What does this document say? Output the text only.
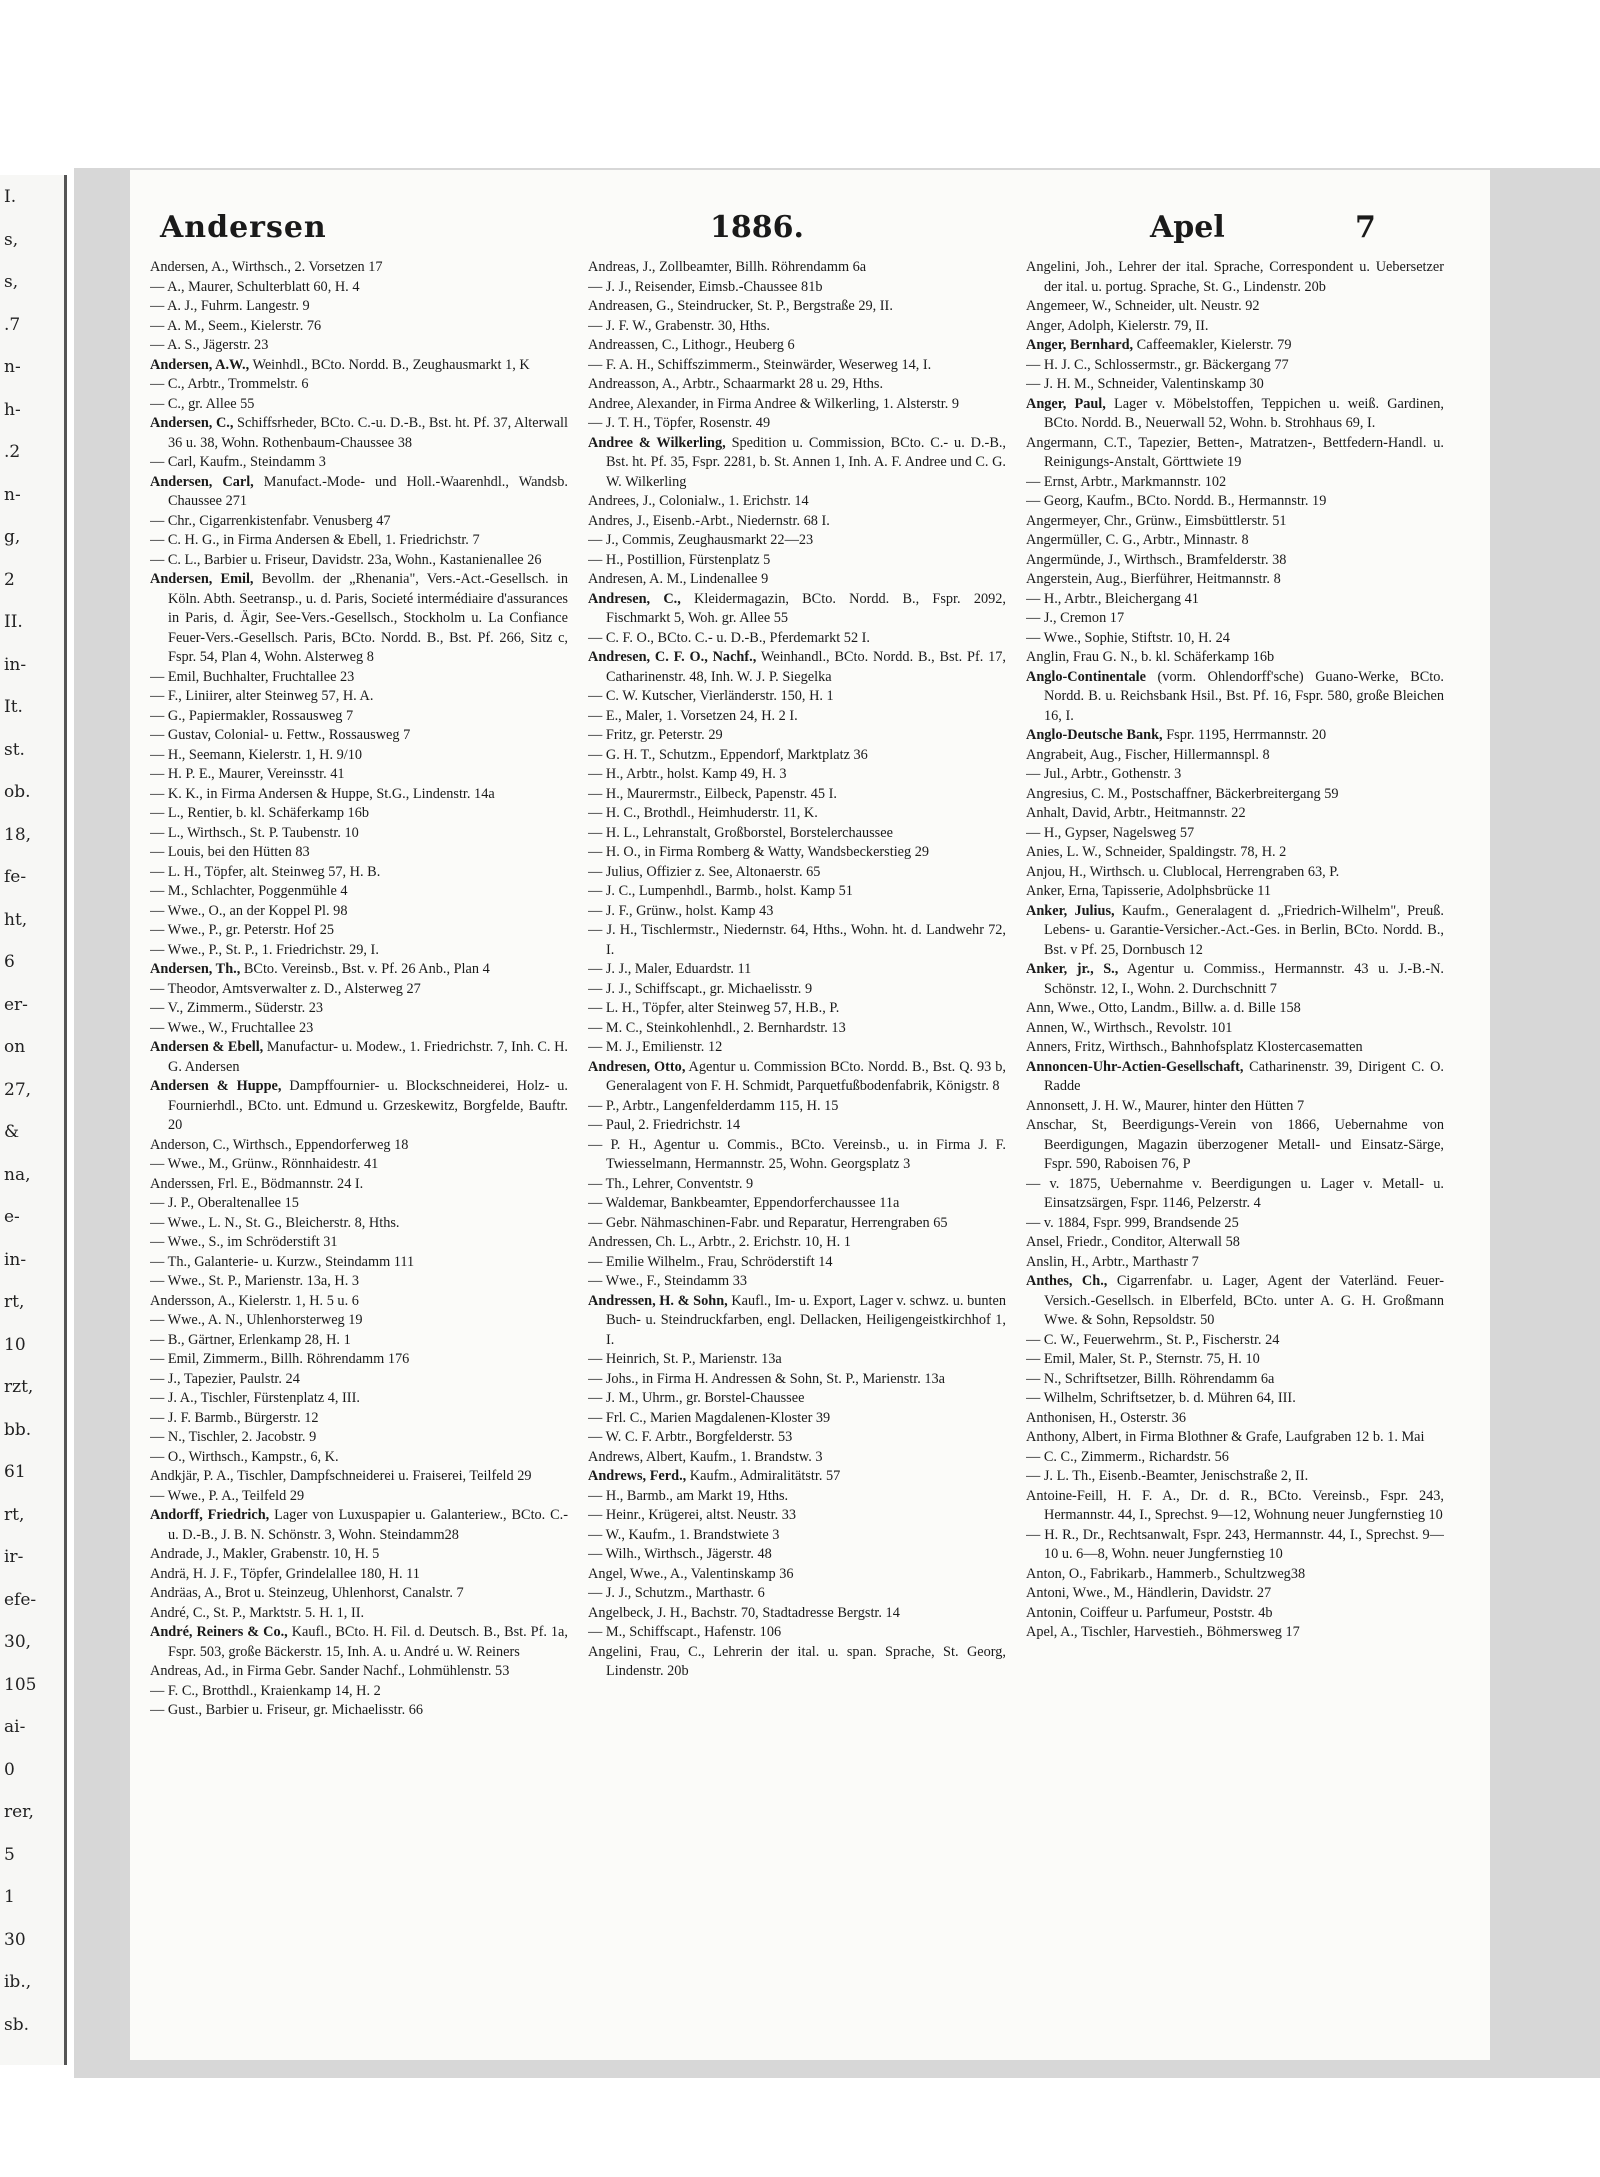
I.
s,
s,
.7
n-
h-
.2
n-
g,
2
II.
in-
It.
st.
ob.
18,
fe-
ht,
6
er-
on
27,
&
na,
e-
in-
rt,
10
rzt,
bb.
61
rt,
ir-
efe-
30,
105
ai-
0
rer,
5
1
30
ib.,
sb.
Andersen	1886.	Apel	7

Andersen, A., Wirthsch., 2. Vorsetzen 17

— A., Maurer, Schulterblatt 60, H. 4

— A. J., Fuhrm. Langestr. 9

— A. M., Seem., Kielerstr. 76

— A. S., Jägerstr. 23

Andersen, A.W., Weinhdl., BCto. Nordd. B., Zeughausmarkt 1, K

— C., Arbtr., Trommelstr. 6

— C., gr. Allee 55

Andersen, C., Schiffsrheder, BCto. C.-u. D.-B., Bst. ht. Pf. 37, Alterwall 36 u. 38, Wohn. Rothenbaum-Chaussee 38

— Carl, Kaufm., Steindamm 3

Andersen, Carl, Manufact.-Mode- und Holl.-Waarenhdl., Wandsb. Chaussee 271

— Chr., Cigarrenkistenfabr. Venusberg 47

— C. H. G., in Firma Andersen & Ebell, 1. Friedrichstr. 7

— C. L., Barbier u. Friseur, Davidstr. 23a, Wohn., Kastanienallee 26

Andersen, Emil, Bevollm. der „Rhenania", Vers.-Act.-Gesellsch. in Köln. Abth. Seetransp., u. d. Paris, Societé intermédiaire d'assurances in Paris, d. Ägir, See-Vers.-Gesellsch., Stockholm u. La Confiance Feuer-Vers.-Gesellsch. Paris, BCto. Nordd. B., Bst. Pf. 266, Sitz c, Fspr. 54, Plan 4, Wohn. Alsterweg 8

— Emil, Buchhalter, Fruchtallee 23

— F., Liniirer, alter Steinweg 57, H. A.

— G., Papiermakler, Rossausweg 7

— Gustav, Colonial- u. Fettw., Rossausweg 7

— H., Seemann, Kielerstr. 1, H. 9/10

— H. P. E., Maurer, Vereinsstr. 41

— K. K., in Firma Andersen & Huppe, St.G., Lindenstr. 14a

— L., Rentier, b. kl. Schäferkamp 16b

— L., Wirthsch., St. P. Taubenstr. 10

— Louis, bei den Hütten 83

— L. H., Töpfer, alt. Steinweg 57, H. B.

— M., Schlachter, Poggenmühle 4

— Wwe., O., an der Koppel Pl. 98

— Wwe., P., gr. Peterstr. Hof 25

— Wwe., P., St. P., 1. Friedrichstr. 29, I.

Andersen, Th., BCto. Vereinsb., Bst. v. Pf. 26 Anb., Plan 4

— Theodor, Amtsverwalter z. D., Alsterweg 27

— V., Zimmerm., Süderstr. 23

— Wwe., W., Fruchtallee 23

Andersen & Ebell, Manufactur- u. Modew., 1. Friedrichstr. 7, Inh. C. H. G. Andersen

Andersen & Huppe, Dampffournier- u. Blockschneiderei, Holz- u. Fournierhdl., BCto. unt. Edmund u. Grzeskewitz, Borgfelde, Bauftr. 20

Anderson, C., Wirthsch., Eppendorferweg 18

— Wwe., M., Grünw., Rönnhaidestr. 41

Anderssen, Frl. E., Bödmannstr. 24 I.

— J. P., Oberaltenallee 15

— Wwe., L. N., St. G., Bleicherstr. 8, Hths.

— Wwe., S., im Schröderstift 31

— Th., Galanterie- u. Kurzw., Steindamm 111

— Wwe., St. P., Marienstr. 13a, H. 3

Andersson, A., Kielerstr. 1, H. 5 u. 6

— Wwe., A. N., Uhlenhorsterweg 19

— B., Gärtner, Erlenkamp 28, H. 1

— Emil, Zimmerm., Billh. Röhrendamm 176

— J., Tapezier, Paulstr. 24

— J. A., Tischler, Fürstenplatz 4, III.

— J. F. Barmb., Bürgerstr. 12

— N., Tischler, 2. Jacobstr. 9

— O., Wirthsch., Kampstr., 6, K.

Andkjär, P. A., Tischler, Dampfschneiderei u. Fraiserei, Teilfeld 29

— Wwe., P. A., Teilfeld 29

Andorff, Friedrich, Lager von Luxuspapier u. Galanteriew., BCto. C.- u. D.-B., J. B. N. Schönstr. 3, Wohn. Steindamm28

Andrade, J., Makler, Grabenstr. 10, H. 5

Andrä, H. J. F., Töpfer, Grindelallee 180, H. 11

Andräas, A., Brot u. Steinzeug, Uhlenhorst, Canalstr. 7

André, C., St. P., Marktstr. 5. H. 1, II.

André, Reiners & Co., Kaufl., BCto. H. Fil. d. Deutsch. B., Bst. Pf. 1a, Fspr. 503, große Bäckerstr. 15, Inh. A. u. André u. W. Reiners

Andreas, Ad., in Firma Gebr. Sander Nachf., Lohmühlenstr. 53

— F. C., Brotthdl., Kraienkamp 14, H. 2

— Gust., Barbier u. Friseur, gr. Michaelisstr. 66

Andreas, J., Zollbeamter, Billh. Röhrendamm 6a

— J. J., Reisender, Eimsb.-Chaussee 81b

Andreasen, G., Steindrucker, St. P., Bergstraße 29, II.

— J. F. W., Grabenstr. 30, Hths.

Andreassen, C., Lithogr., Heuberg 6

— F. A. H., Schiffszimmerm., Steinwärder, Weserweg 14, I.

Andreasson, A., Arbtr., Schaarmarkt 28 u. 29, Hths.

Andree, Alexander, in Firma Andree & Wilkerling, 1. Alsterstr. 9

— J. T. H., Töpfer, Rosenstr. 49

Andree & Wilkerling, Spedition u. Commission, BCto. C.- u. D.-B., Bst. ht. Pf. 35, Fspr. 2281, b. St. Annen 1, Inh. A. F. Andree und C. G. W. Wilkerling

Andrees, J., Colonialw., 1. Erichstr. 14

Andres, J., Eisenb.-Arbt., Niedernstr. 68 I.

— J., Commis, Zeughausmarkt 22—23

— H., Postillion, Fürstenplatz 5

Andresen, A. M., Lindenallee 9

Andresen, C., Kleidermagazin, BCto. Nordd. B., Fspr. 2092, Fischmarkt 5, Woh. gr. Allee 55

— C. F. O., BCto. C.- u. D.-B., Pferdemarkt 52 I.

Andresen, C. F. O., Nachf., Weinhandl., BCto. Nordd. B., Bst. Pf. 17, Catharinenstr. 48, Inh. W. J. P. Siegelka

— C. W. Kutscher, Vierländerstr. 150, H. 1

— E., Maler, 1. Vorsetzen 24, H. 2 I.

— Fritz, gr. Peterstr. 29

— G. H. T., Schutzm., Eppendorf, Marktplatz 36

— H., Arbtr., holst. Kamp 49, H. 3

— H., Maurermstr., Eilbeck, Papenstr. 45 I.

— H. C., Brothdl., Heimhuderstr. 11, K.

— H. L., Lehranstalt, Großborstel, Borstelerchaussee

— H. O., in Firma Romberg & Watty, Wandsbeckerstieg 29

— Julius, Offizier z. See, Altonaerstr. 65

— J. C., Lumpenhdl., Barmb., holst. Kamp 51

— J. F., Grünw., holst. Kamp 43

— J. H., Tischlermstr., Niedernstr. 64, Hths., Wohn. ht. d. Landwehr 72, I.

— J. J., Maler, Eduardstr. 11

— J. J., Schiffscapt., gr. Michaelisstr. 9

— L. H., Töpfer, alter Steinweg 57, H.B., P.

— M. C., Steinkohlenhdl., 2. Bernhardstr. 13

— M. J., Emilienstr. 12

Andresen, Otto, Agentur u. Commission BCto. Nordd. B., Bst. Q. 93 b, Generalagent von F. H. Schmidt, Parquetfußbodenfabrik, Königstr. 8

— P., Arbtr., Langenfelderdamm 115, H. 15

— Paul, 2. Friedrichstr. 14

— P. H., Agentur u. Commis., BCto. Vereinsb., u. in Firma J. F. Twiesselmann, Hermannstr. 25, Wohn. Georgsplatz 3

— Th., Lehrer, Conventstr. 9

— Waldemar, Bankbeamter, Eppendorferchaussee 11a

— Gebr. Nähmaschinen-Fabr. und Reparatur, Herrengraben 65

Andressen, Ch. L., Arbtr., 2. Erichstr. 10, H. 1

— Emilie Wilhelm., Frau, Schröderstift 14

— Wwe., F., Steindamm 33

Andressen, H. & Sohn, Kaufl., Im- u. Export, Lager v. schwz. u. bunten Buch- u. Steindruckfarben, engl. Dellacken, Heiligengeistkirchhof 1, I.

— Heinrich, St. P., Marienstr. 13a

— Johs., in Firma H. Andressen & Sohn, St. P., Marienstr. 13a

— J. M., Uhrm., gr. Borstel-Chaussee

— Frl. C., Marien Magdalenen-Kloster 39

— W. C. F. Arbtr., Borgfelderstr. 53

Andrews, Albert, Kaufm., 1. Brandstw. 3

Andrews, Ferd., Kaufm., Admiralitätstr. 57

— H., Barmb., am Markt 19, Hths.

— Heinr., Krügerei, altst. Neustr. 33

— W., Kaufm., 1. Brandstwiete 3

— Wilh., Wirthsch., Jägerstr. 48

Angel, Wwe., A., Valentinskamp 36

— J. J., Schutzm., Marthastr. 6

Angelbeck, J. H., Bachstr. 70, Stadtadresse Bergstr. 14

— M., Schiffscapt., Hafenstr. 106

Angelini, Frau, C., Lehrerin der ital. u. span. Sprache, St. Georg, Lindenstr. 20b

Angelini, Joh., Lehrer der ital. Sprache, Correspondent u. Uebersetzer der ital. u. portug. Sprache, St. G., Lindenstr. 20b

Angemeer, W., Schneider, ult. Neustr. 92

Anger, Adolph, Kielerstr. 79, II.

Anger, Bernhard, Caffeemakler, Kielerstr. 79

— H. J. C., Schlossermstr., gr. Bäckergang 77

— J. H. M., Schneider, Valentinskamp 30

Anger, Paul, Lager v. Möbelstoffen, Teppichen u. weiß. Gardinen, BCto. Nordd. B., Neuerwall 52, Wohn. b. Strohhaus 69, I.

Angermann, C.T., Tapezier, Betten-, Matratzen-, Bettfedern-Handl. u. Reinigungs-Anstalt, Görttwiete 19

— Ernst, Arbtr., Markmannstr. 102

— Georg, Kaufm., BCto. Nordd. B., Hermannstr. 19

Angermeyer, Chr., Grünw., Eimsbüttlerstr. 51

Angermüller, C. G., Arbtr., Minnastr. 8

Angermünde, J., Wirthsch., Bramfelderstr. 38

Angerstein, Aug., Bierführer, Heitmannstr. 8

— H., Arbtr., Bleichergang 41

— J., Cremon 17

— Wwe., Sophie, Stiftstr. 10, H. 24

Anglin, Frau G. N., b. kl. Schäferkamp 16b

Anglo-Continentale (vorm. Ohlendorff'sche) Guano-Werke, BCto. Nordd. B. u. Reichsbank Hsil., Bst. Pf. 16, Fspr. 580, große Bleichen 16, I.

Anglo-Deutsche Bank, Fspr. 1195, Herrmannstr. 20

Angrabeit, Aug., Fischer, Hillermannspl. 8

— Jul., Arbtr., Gothenstr. 3

Angresius, C. M., Postschaffner, Bäckerbreitergang 59

Anhalt, David, Arbtr., Heitmannstr. 22

— H., Gypser, Nagelsweg 57

Anies, L. W., Schneider, Spaldingstr. 78, H. 2

Anjou, H., Wirthsch. u. Clublocal, Herrengraben 63, P.

Anker, Erna, Tapisserie, Adolphsbrücke 11

Anker, Julius, Kaufm., Generalagent d. „Friedrich-Wilhelm", Preuß. Lebens- u. Garantie-Versicher.-Act.-Ges. in Berlin, BCto. Nordd. B., Bst. v Pf. 25, Dornbusch 12

Anker, jr., S., Agentur u. Commiss., Hermannstr. 43 u. J.-B.-N. Schönstr. 12, I., Wohn. 2. Durchschnitt 7

Ann, Wwe., Otto, Landm., Billw. a. d. Bille 158

Annen, W., Wirthsch., Revolstr. 101

Anners, Fritz, Wirthsch., Bahnhofsplatz Klostercasematten

Annoncen-Uhr-Actien-Gesellschaft, Catharinenstr. 39, Dirigent C. O. Radde

Annonsett, J. H. W., Maurer, hinter den Hütten 7

Anschar, St, Beerdigungs-Verein von 1866, Uebernahme von Beerdigungen, Magazin überzogener Metall- und Einsatz-Särge, Fspr. 590, Raboisen 76, P

— v. 1875, Uebernahme v. Beerdigungen u. Lager v. Metall- u. Einsatzsärgen, Fspr. 1146, Pelzerstr. 4

— v. 1884, Fspr. 999, Brandsende 25

Ansel, Friedr., Conditor, Alterwall 58

Anslin, H., Arbtr., Marthastr 7

Anthes, Ch., Cigarrenfabr. u. Lager, Agent der Vaterländ. Feuer-Versich.-Gesellsch. in Elberfeld, BCto. unter A. G. H. Großmann Wwe. & Sohn, Repsoldstr. 50

— C. W., Feuerwehrm., St. P., Fischerstr. 24

— Emil, Maler, St. P., Sternstr. 75, H. 10

— N., Schriftsetzer, Billh. Röhrendamm 6a

— Wilhelm, Schriftsetzer, b. d. Mühren 64, III.

Anthonisen, H., Osterstr. 36

Anthony, Albert, in Firma Blothner & Grafe, Laufgraben 12 b. 1. Mai

— C. C., Zimmerm., Richardstr. 56

— J. L. Th., Eisenb.-Beamter, Jenischstraße 2, II.

Antoine-Feill, H. F. A., Dr. d. R., BCto. Vereinsb., Fspr. 243, Hermannstr. 44, I., Sprechst. 9—12, Wohnung neuer Jungfernstieg 10

— H. R., Dr., Rechtsanwalt, Fspr. 243, Hermannstr. 44, I., Sprechst. 9—10 u. 6—8, Wohn. neuer Jungfernstieg 10

Anton, O., Fabrikarb., Hammerb., Schultzweg38

Antoni, Wwe., M., Händlerin, Davidstr. 27

Antonin, Coiffeur u. Parfumeur, Poststr. 4b

Apel, A., Tischler, Harvestieh., Böhmersweg 17
